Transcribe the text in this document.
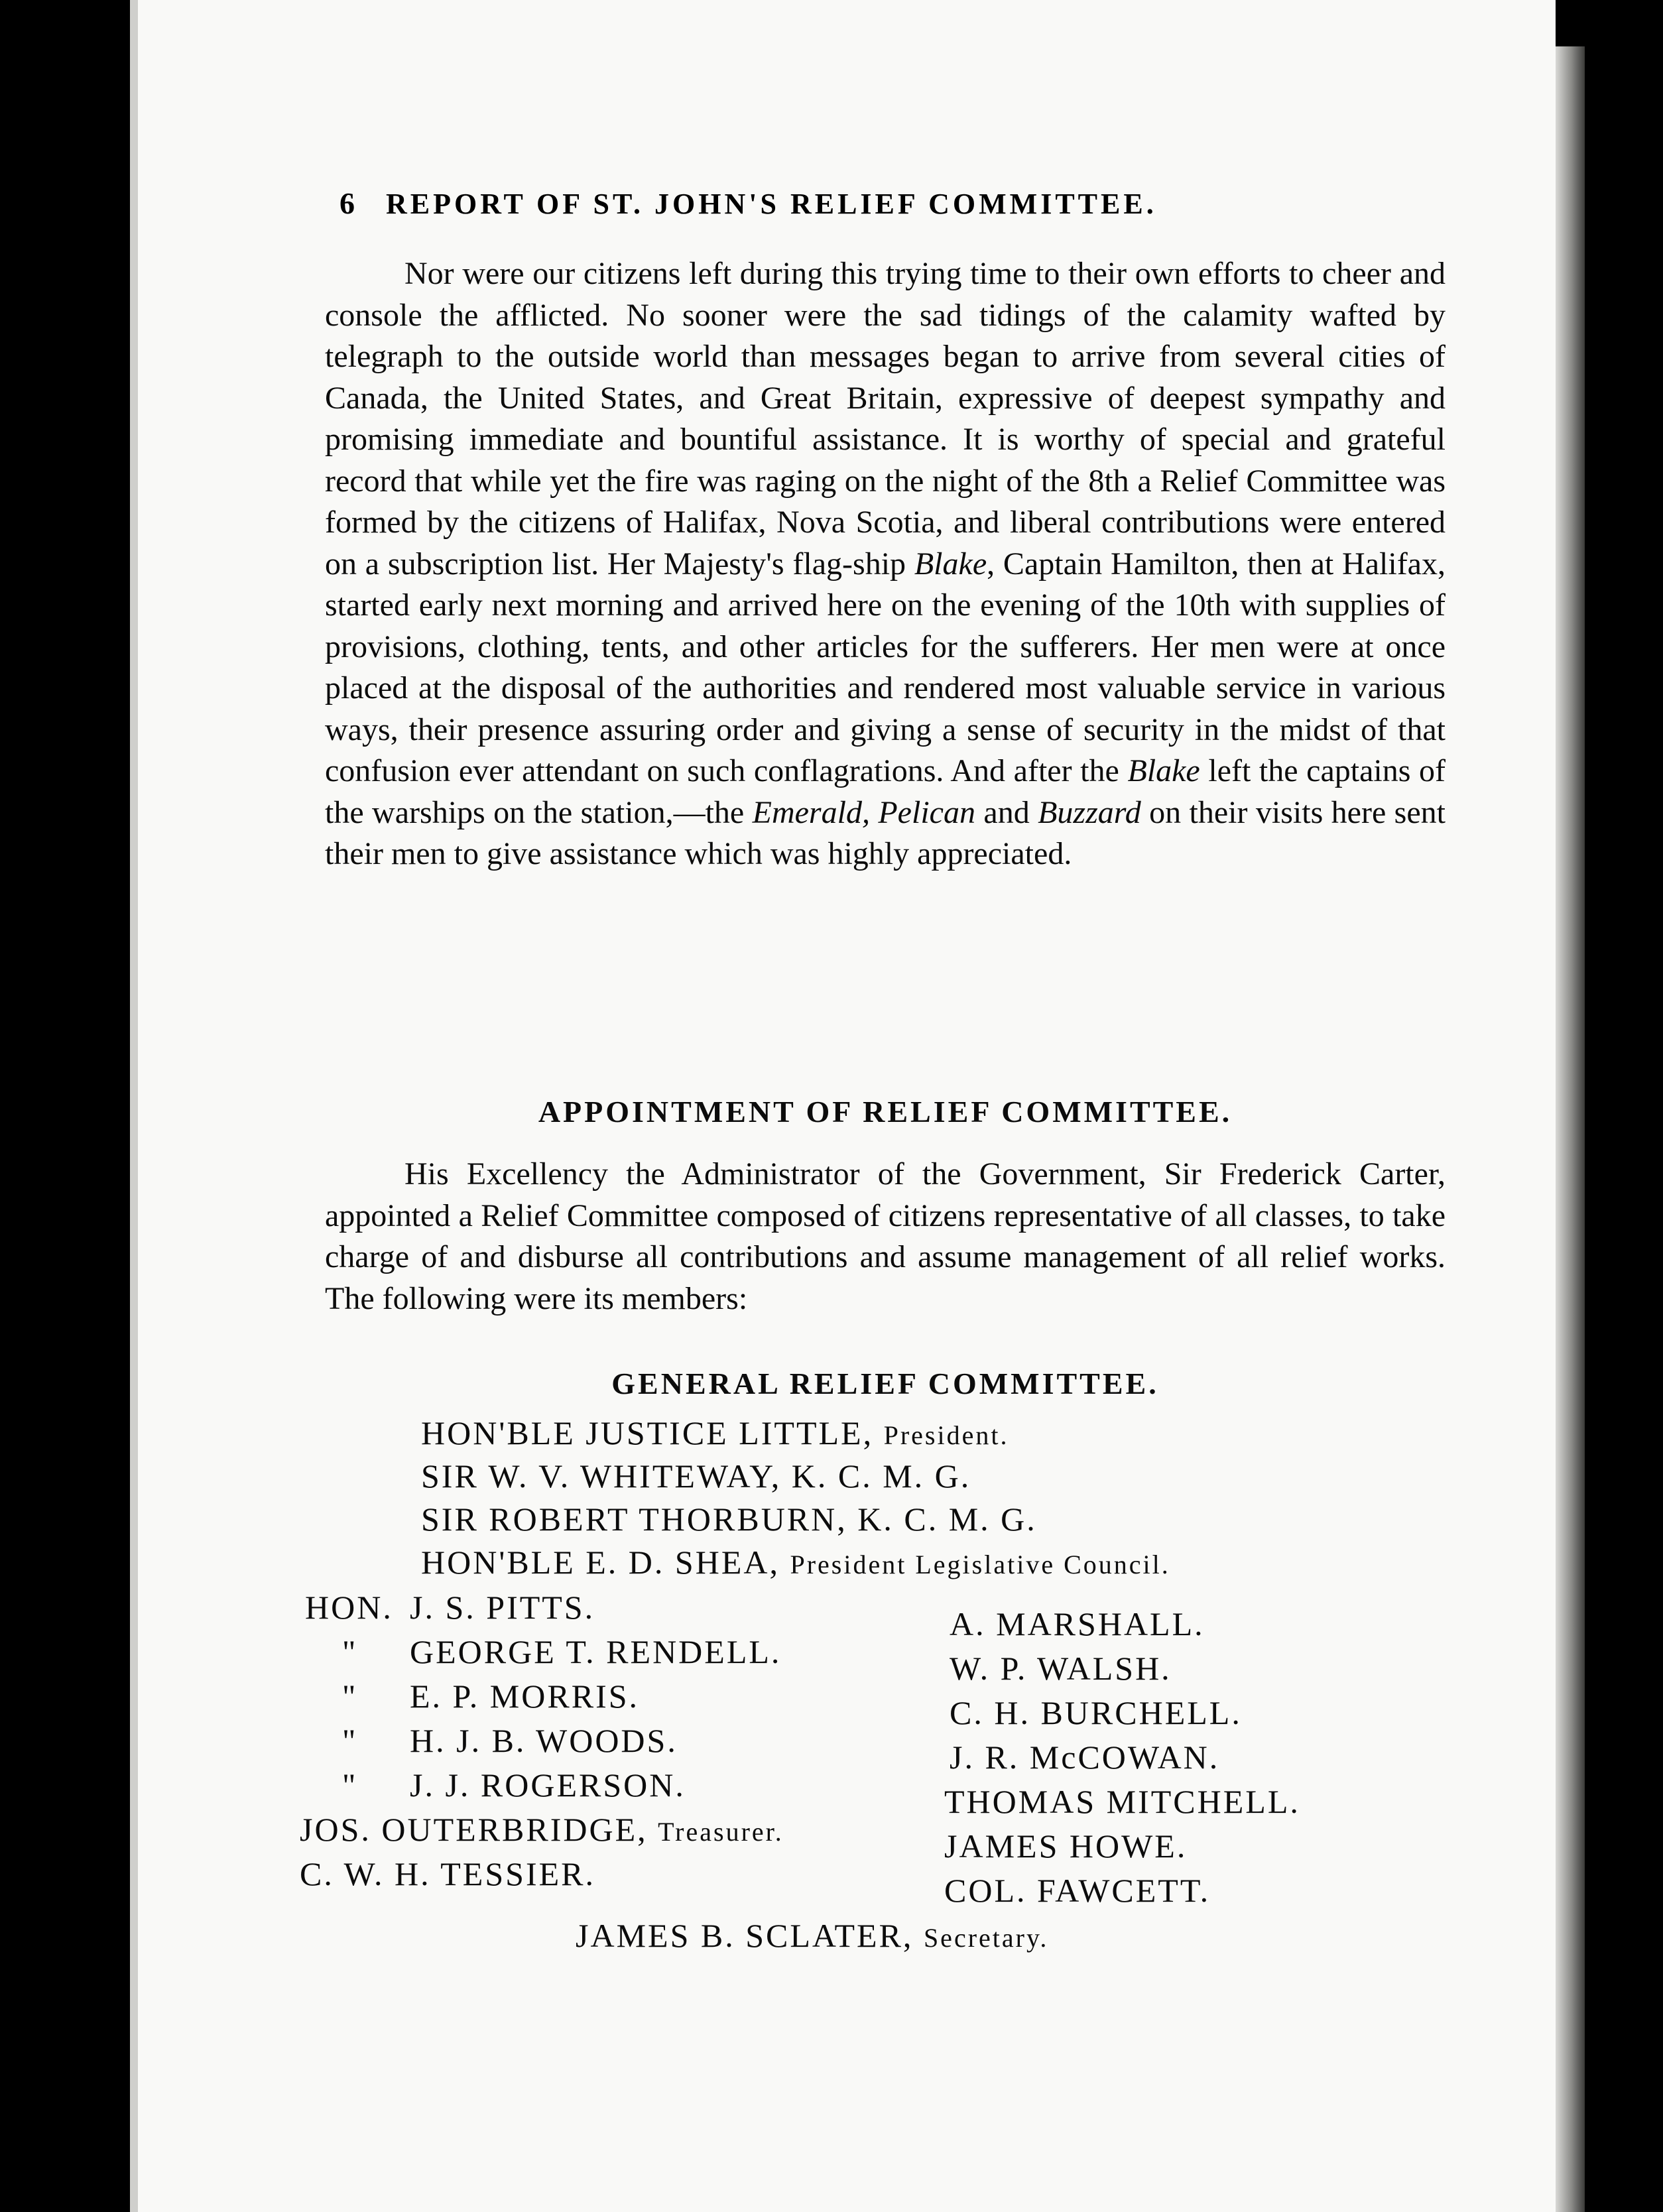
6	REPORT OF ST. JOHN'S RELIEF COMMITTEE.

Nor were our citizens left during this trying time to their own efforts to cheer and console the afflicted. No sooner were the sad tidings of the calamity wafted by telegraph to the outside world than messages began to arrive from several cities of Canada, the United States, and Great Britain, expressive of deepest sympathy and promising immediate and bountiful assistance. It is worthy of special and grateful record that while yet the fire was raging on the night of the 8th a Relief Committee was formed by the citizens of Halifax, Nova Scotia, and liberal contributions were entered on a subscription list. Her Majesty's flag-ship Blake, Captain Hamilton, then at Halifax, started early next morning and arrived here on the evening of the 10th with supplies of provisions, clothing, tents, and other articles for the sufferers. Her men were at once placed at the disposal of the authorities and rendered most valuable service in various ways, their presence assuring order and giving a sense of security in the midst of that confusion ever attendant on such conflagrations. And after the Blake left the captains of the warships on the station,—the Emerald, Pelican and Buzzard on their visits here sent their men to give assistance which was highly appreciated.

APPOINTMENT OF RELIEF COMMITTEE.

His Excellency the Administrator of the Government, Sir Frederick Carter, appointed a Relief Committee composed of citizens representative of all classes, to take charge of and disburse all contributions and assume management of all relief works. The following were its members:

GENERAL RELIEF COMMITTEE.
HON'BLE JUSTICE LITTLE, President.
SIR W. V. WHITEWAY, K. C. M. G.
SIR ROBERT THORBURN, K. C. M. G.
HON'BLE E. D. SHEA, President Legislative Council.
HON. J. S. PITTS.
" GEORGE T. RENDELL.
" E. P. MORRIS.
" H. J. B. WOODS.
" J. J. ROGERSON.
JOS. OUTERBRIDGE, Treasurer.
C. W. H. TESSIER.
A. MARSHALL.
W. P. WALSH.
C. H. BURCHELL.
J. R. McCOWAN.
THOMAS MITCHELL.
JAMES HOWE.
COL. FAWCETT.
JAMES B. SCLATER, Secretary.
